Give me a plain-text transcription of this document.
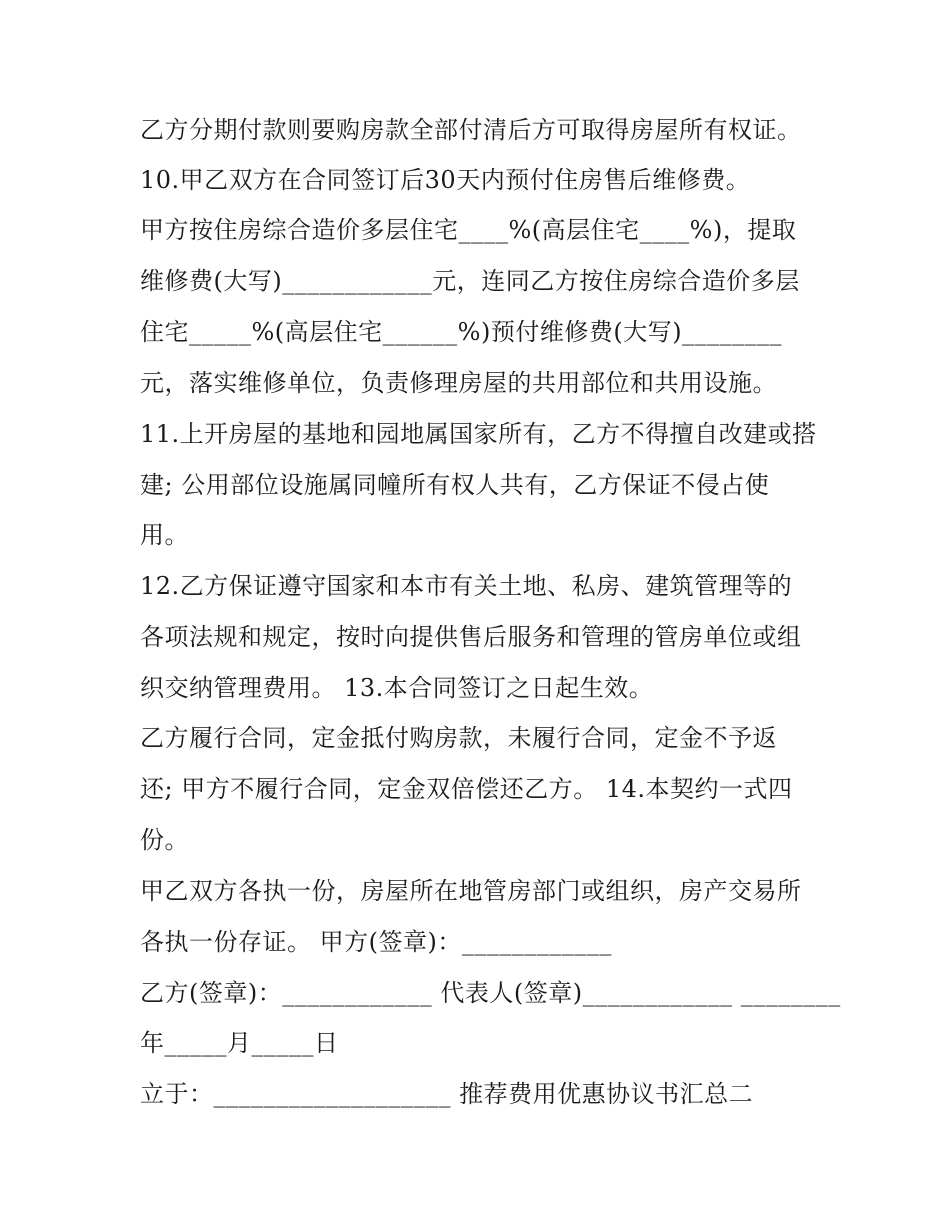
乙方分期付款则要购房款全部付清后方可取得房屋所有权证。
10.甲乙双方在合同签订后30天内预付住房售后维修费。
甲方按住房综合造价多层住宅____%(高层住宅____%)，提取
维修费(大写)____________元，连同乙方按住房综合造价多层
住宅_____%(高层住宅______%)预付维修费(大写)________
元，落实维修单位，负责修理房屋的共用部位和共用设施。
11.上开房屋的基地和园地属国家所有，乙方不得擅自改建或搭
建; 公用部位设施属同幢所有权人共有，乙方保证不侵占使
用。
12.乙方保证遵守国家和本市有关土地、私房、建筑管理等的
各项法规和规定，按时向提供售后服务和管理的管房单位或组
织交纳管理费用。 13.本合同签订之日起生效。
乙方履行合同，定金抵付购房款，未履行合同，定金不予返
还; 甲方不履行合同，定金双倍偿还乙方。 14.本契约一式四
份。
甲乙双方各执一份，房屋所在地管房部门或组织，房产交易所
各执一份存证。 甲方(签章)：____________
乙方(签章)：____________ 代表人(签章)____________ ________
年_____月_____日
立于：___________________ 推荐费用优惠协议书汇总二
